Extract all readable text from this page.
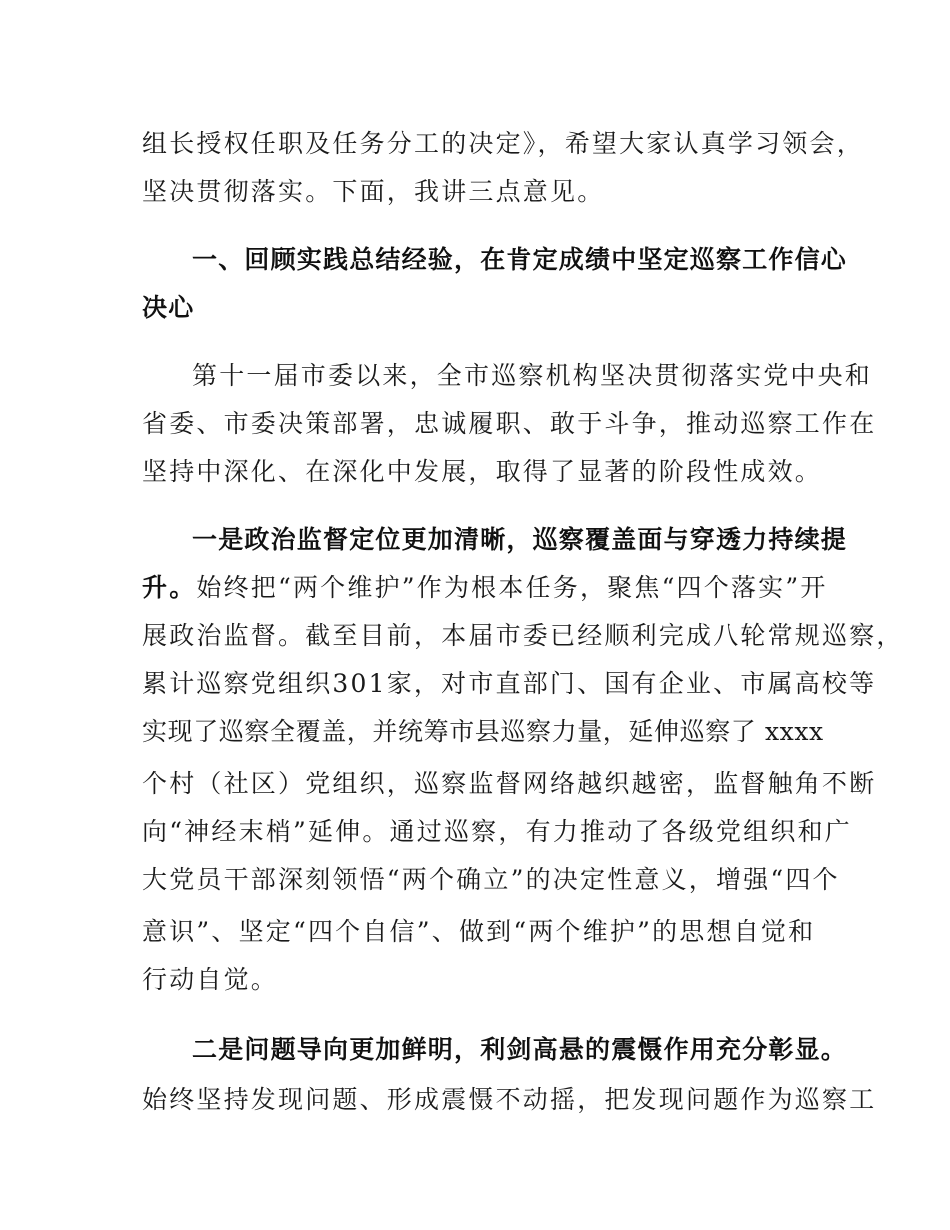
组长授权任职及任务分工的决定》，希望大家认真学习领会，
坚决贯彻落实。下面，我讲三点意见。
一、回顾实践总结经验，在肯定成绩中坚定巡察工作信心
决心
第十一届市委以来，全市巡察机构坚决贯彻落实党中央和
省委、市委决策部署，忠诚履职、敢于斗争，推动巡察工作在
坚持中深化、在深化中发展，取得了显著的阶段性成效。
一是政治监督定位更加清晰，巡察覆盖面与穿透力持续提
升。始终把“两个维护”作为根本任务，聚焦“四个落实”开
展政治监督。截至目前，本届市委已经顺利完成八轮常规巡察，
累计巡察党组织301家，对市直部门、国有企业、市属高校等
实现了巡察全覆盖，并统筹市县巡察力量，延伸巡察了 xxxx
个村（社区）党组织，巡察监督网络越织越密，监督触角不断
向“神经末梢”延伸。通过巡察，有力推动了各级党组织和广
大党员干部深刻领悟“两个确立”的决定性意义，增强“四个
意识”、坚定“四个自信”、做到“两个维护”的思想自觉和
行动自觉。
二是问题导向更加鲜明，利剑高悬的震慑作用充分彰显。
始终坚持发现问题、形成震慑不动摇，把发现问题作为巡察工
